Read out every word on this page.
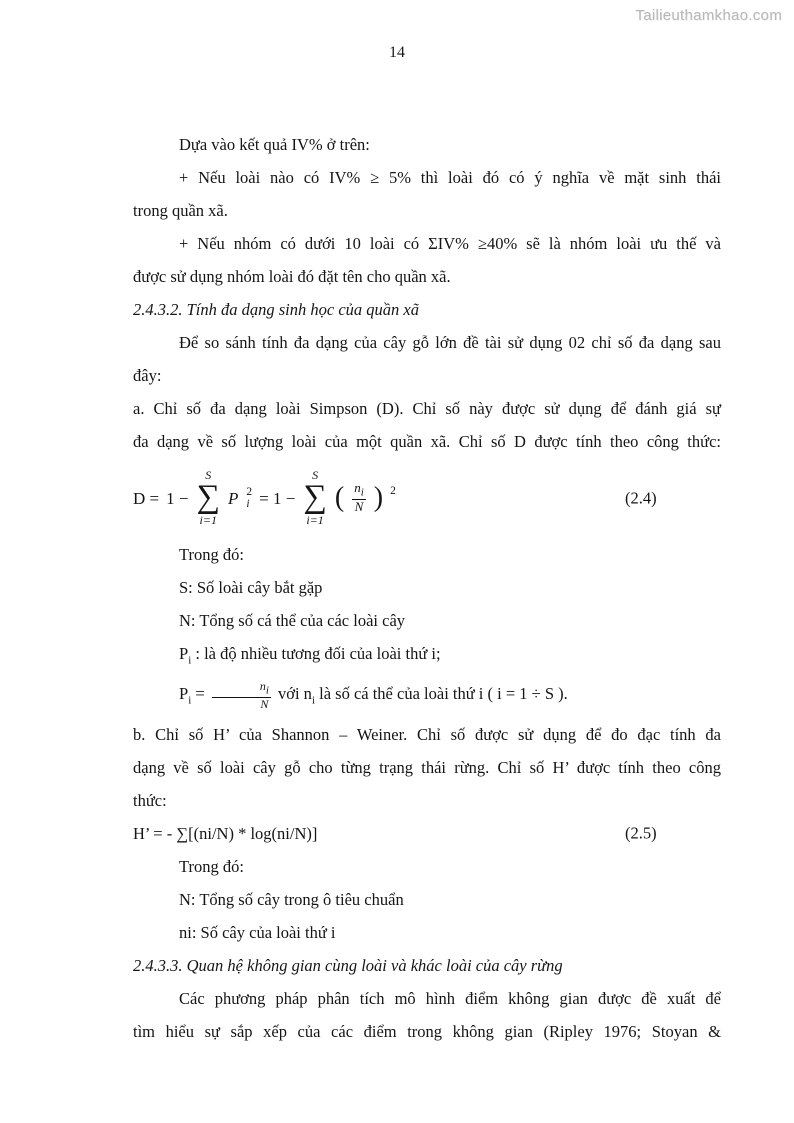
Tailieuthamkhao.com
14
Dựa vào kết quả IV% ở trên:
+ Nếu loài nào có IV% ≥ 5% thì loài đó có ý nghĩa về mặt sinh thái
trong quần xã.
+ Nếu nhóm có dưới 10 loài có ΣIV% ≥40% sẽ là nhóm loài ưu thế và
được sử dụng nhóm loài đó đặt tên cho quần xã.
2.4.3.2. Tính đa dạng sinh học của quần xã
Để so sánh tính đa dạng của cây gỗ lớn đề tài sử dụng 02 chỉ số đa dạng sau
đây:
a. Chỉ số đa dạng loài Simpson (D). Chỉ số này được sử dụng để đánh giá sự
đa dạng về số lượng loài của một quần xã. Chỉ số D được tính theo công thức:
D = 1 −
S
∑
i=1
P 2
i = 1 −
S
∑
i=1
( $\frac{n_i}{N}$ ) 2	(2.4)
Trong đó:
S: Số loài cây bắt gặp
N: Tổng số cá thể của các loài cây
$P_i$ : là độ nhiều tương đối của loài thứ i;
$P_i = \frac{n_i}{N}$ với $n_i$ là số cá thể của loài thứ i ( i = 1 ÷ S ).
b. Chỉ số H’ của Shannon – Weiner. Chỉ số được sử dụng để đo đạc tính đa
dạng về số loài cây gỗ cho từng trạng thái rừng. Chỉ số H’ được tính theo công
thức:
H’ = - ∑[(ni/N) * log(ni/N)]	(2.5)
Trong đó:
N: Tổng số cây trong ô tiêu chuẩn
ni: Số cây của loài thứ i
2.4.3.3. Quan hệ không gian cùng loài và khác loài của cây rừng
Các phương pháp phân tích mô hình điểm không gian được đề xuất để
tìm hiểu sự sắp xếp của các điểm trong không gian (Ripley 1976; Stoyan &
